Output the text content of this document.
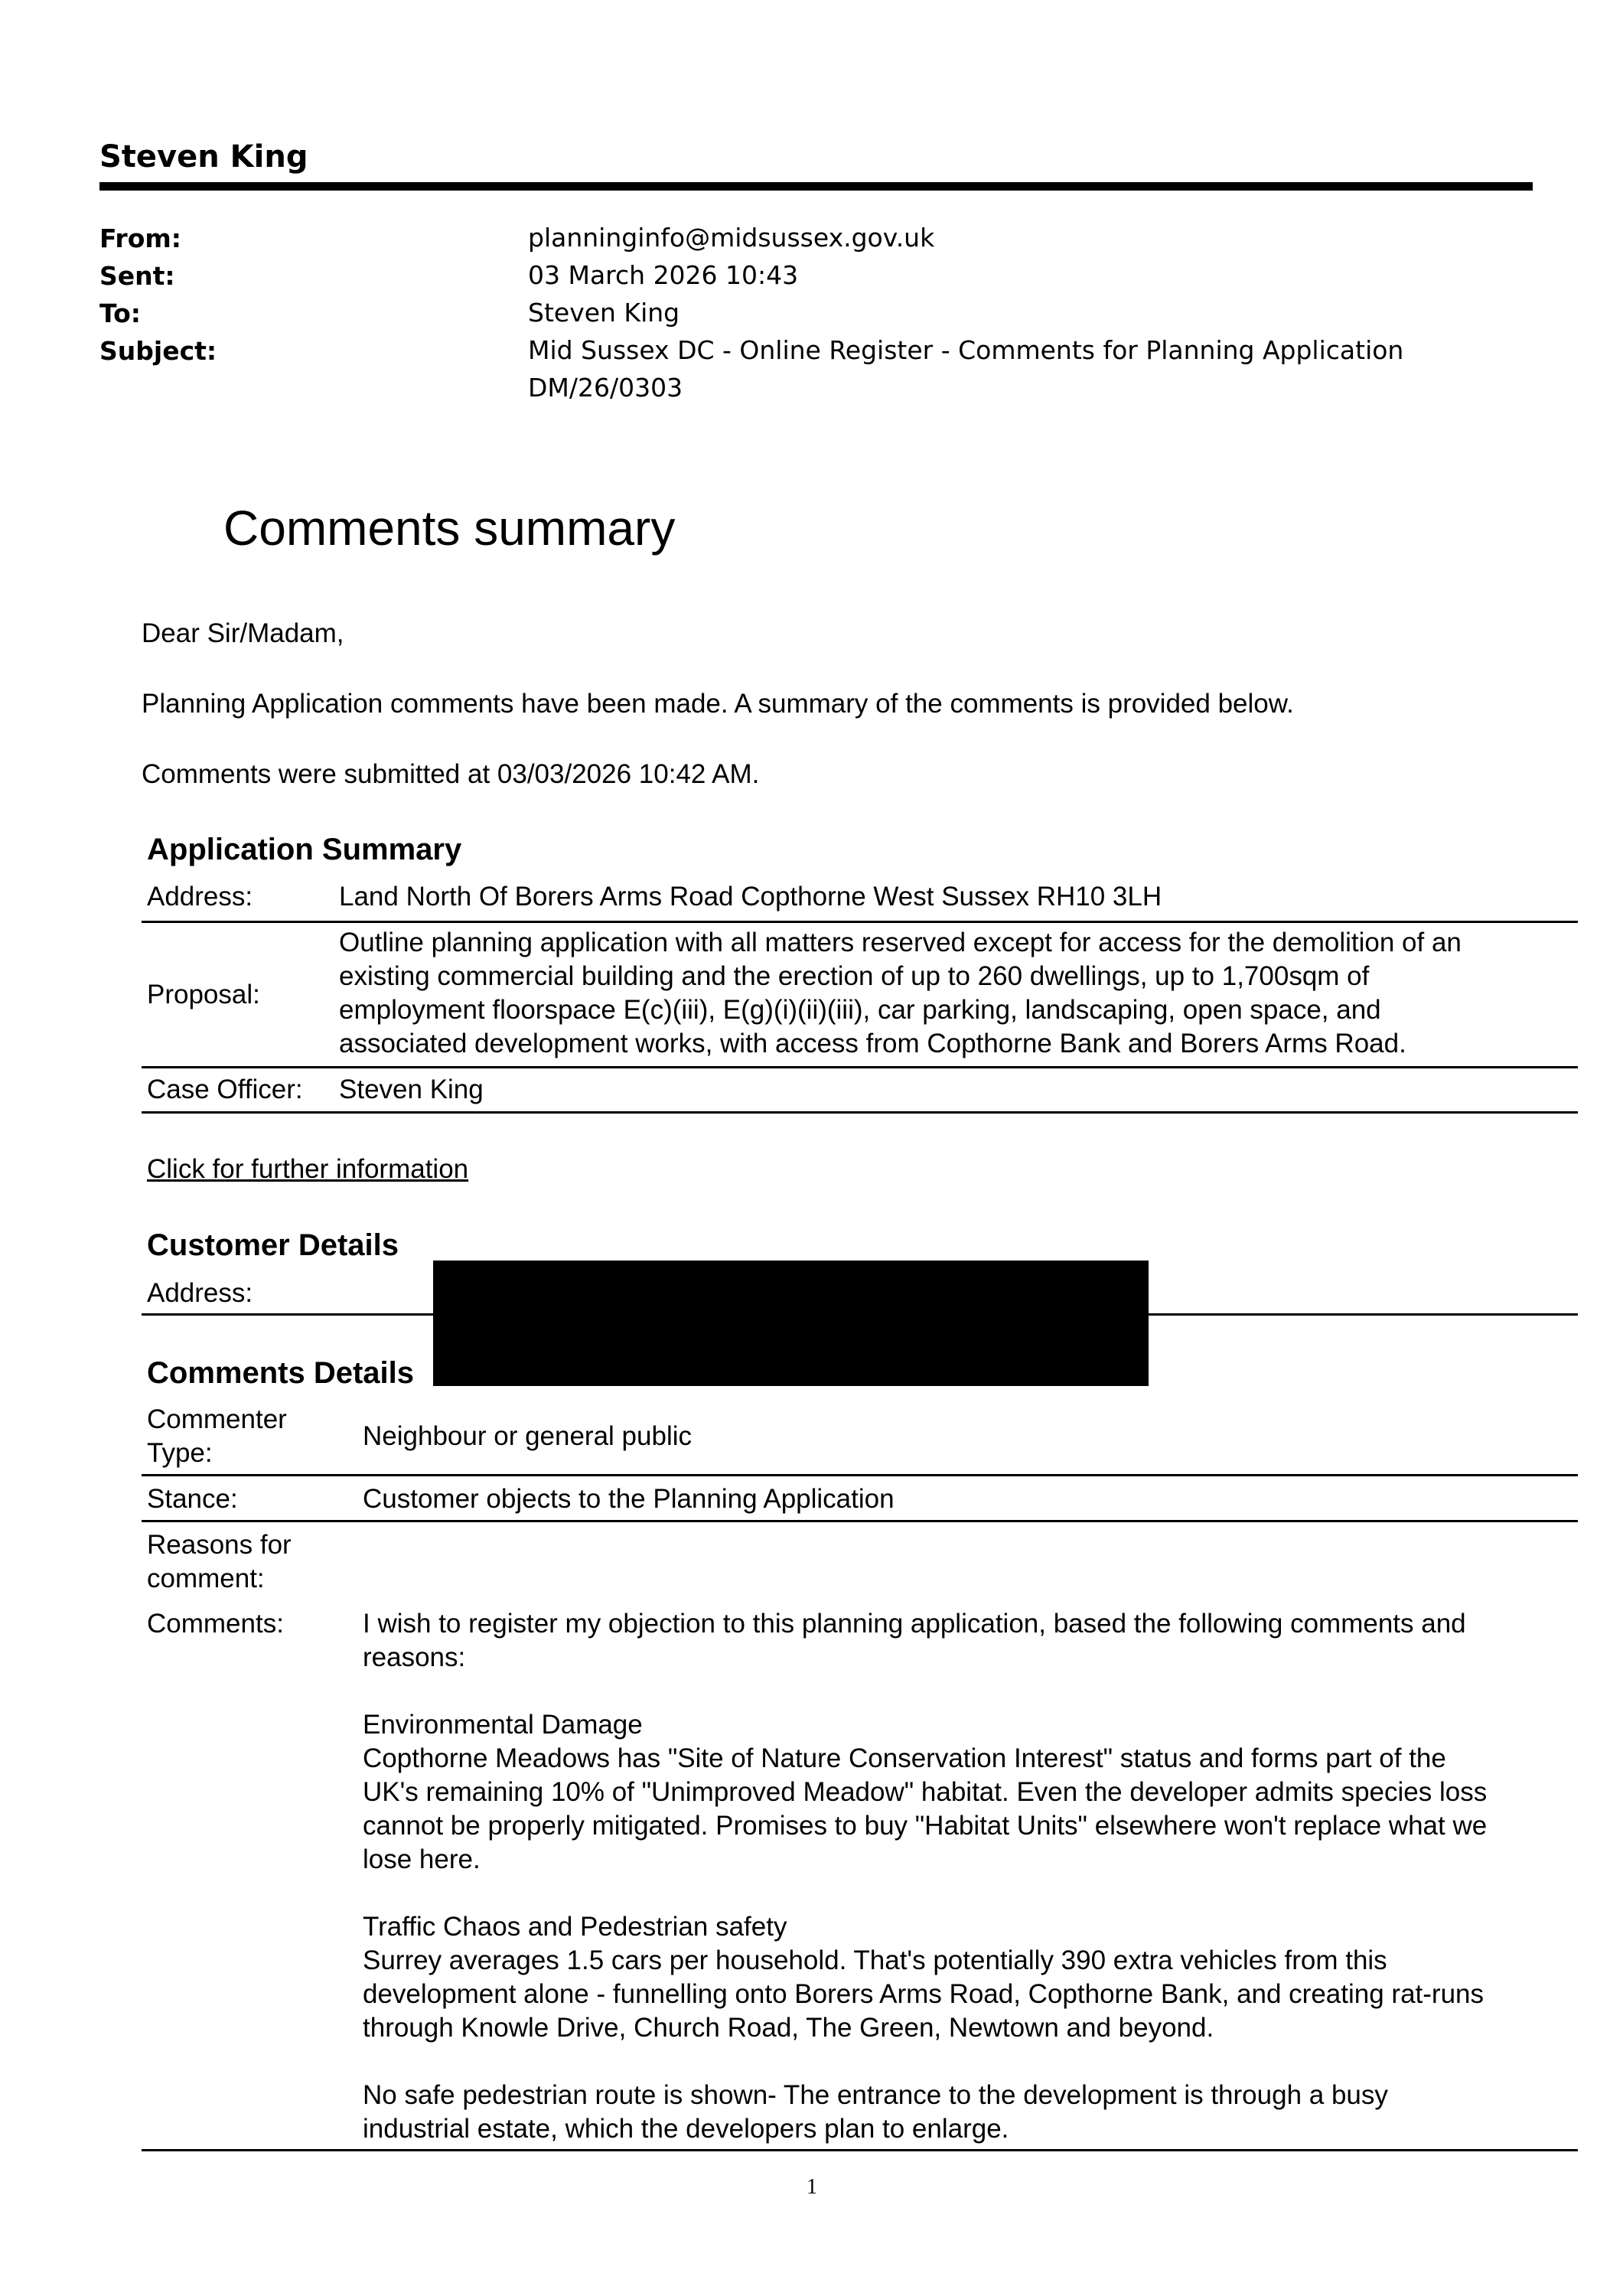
Steven King
From:	planninginfo@midsussex.gov.uk
Sent:	03 March 2026 10:43
To:	Steven King
Subject:	Mid Sussex DC - Online Register - Comments for Planning Application DM/26/0303
Comments summary
Dear Sir/Madam,
Planning Application comments have been made. A summary of the comments is provided below.
Comments were submitted at 03/03/2026 10:42 AM.
Application Summary
Address:	Land North Of Borers Arms Road Copthorne West Sussex RH10 3LH
Proposal:
Outline planning application with all matters reserved except for access for the demolition of an
existing commercial building and the erection of up to 260 dwellings, up to 1,700sqm of
employment floorspace E(c)(iii), E(g)(i)(ii)(iii), car parking, landscaping, open space, and
associated development works, with access from Copthorne Bank and Borers Arms Road.
Case Officer: Steven King
Click for further information
Customer Details
Address:
Comments Details
Commenter
Type:
Neighbour or general public
Stance:	Customer objects to the Planning Application
Reasons for
comment:
Comments:	I wish to register my objection to this planning application, based the following comments and
reasons:
Environmental Damage
Copthorne Meadows has "Site of Nature Conservation Interest" status and forms part of the
UK's remaining 10% of "Unimproved Meadow" habitat. Even the developer admits species loss
cannot be properly mitigated. Promises to buy "Habitat Units" elsewhere won't replace what we
lose here.
Traffic Chaos and Pedestrian safety
Surrey averages 1.5 cars per household. That's potentially 390 extra vehicles from this
development alone - funnelling onto Borers Arms Road, Copthorne Bank, and creating rat-runs
through Knowle Drive, Church Road, The Green, Newtown and beyond.
No safe pedestrian route is shown- The entrance to the development is through a busy
industrial estate, which the developers plan to enlarge.
1
